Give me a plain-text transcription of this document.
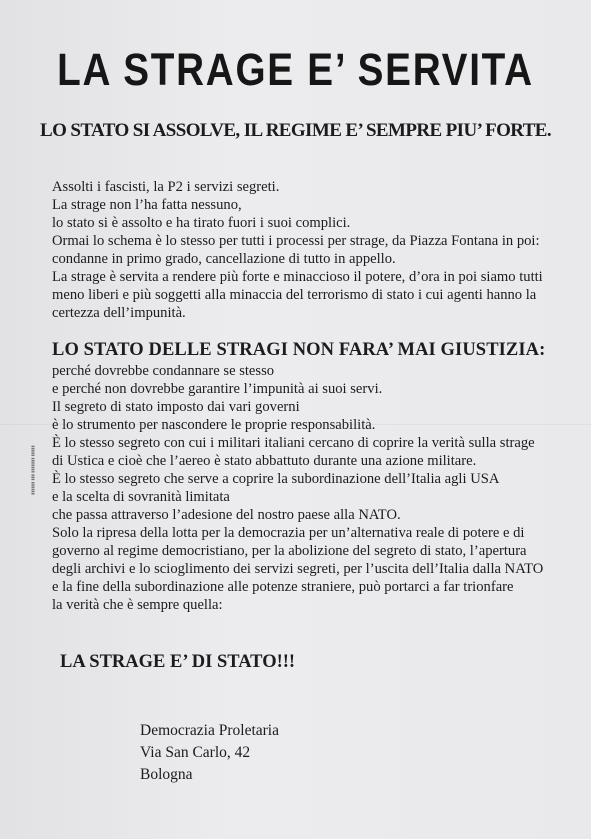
LA STRAGE E’ SERVITA
LO STATO SI ASSOLVE, IL REGIME E’ SEMPRE PIU’ FORTE.

Assolti i fascisti, la P2 i servizi segreti.
La strage non l’ha fatta nessuno,
lo stato si è assolto e ha tirato fuori i suoi complici.
Ormai lo schema è lo stesso per tutti i processi per strage, da Piazza Fontana in poi:
condanne in primo grado, cancellazione di tutto in appello.
La strage è servita a rendere più forte e minaccioso il potere, d’ora in poi siamo tutti
meno liberi e più soggetti alla minaccia del terrorismo di stato i cui agenti hanno la
certezza dell’impunità.

LO STATO DELLE STRAGI NON FARA’ MAI GIUSTIZIA:

perché dovrebbe condannare se stesso
e perché non dovrebbe garantire l’impunità ai suoi servi.
Il segreto di stato imposto dai vari governi
è lo strumento per nascondere le proprie responsabilità.
È lo stesso segreto con cui i militari italiani cercano di coprire la verità sulla strage
di Ustica e cioè che l’aereo è stato abbattuto durante una azione militare.
È lo stesso segreto che serve a coprire la subordinazione dell’Italia agli USA
e la scelta di sovranità limitata
che passa attraverso l’adesione del nostro paese alla NATO.
Solo la ripresa della lotta per la democrazia per un’alternativa reale di potere e di
governo al regime democristiano, per la abolizione del segreto di stato, l’apertura
degli archivi e lo scioglimento dei servizi segreti, per l’uscita dell’Italia dalla NATO
e la fine della subordinazione alle potenze straniere, può portarci a far trionfare
la verità che è sempre quella:

LA STRAGE E’ DI STATO!!!
Democrazia Proletaria
Via San Carlo, 42
Bologna
▮▮▮▮▮▮ ▮▮▮ ▮▮▮▮▮▮▮ ▮▮▮▮▮
